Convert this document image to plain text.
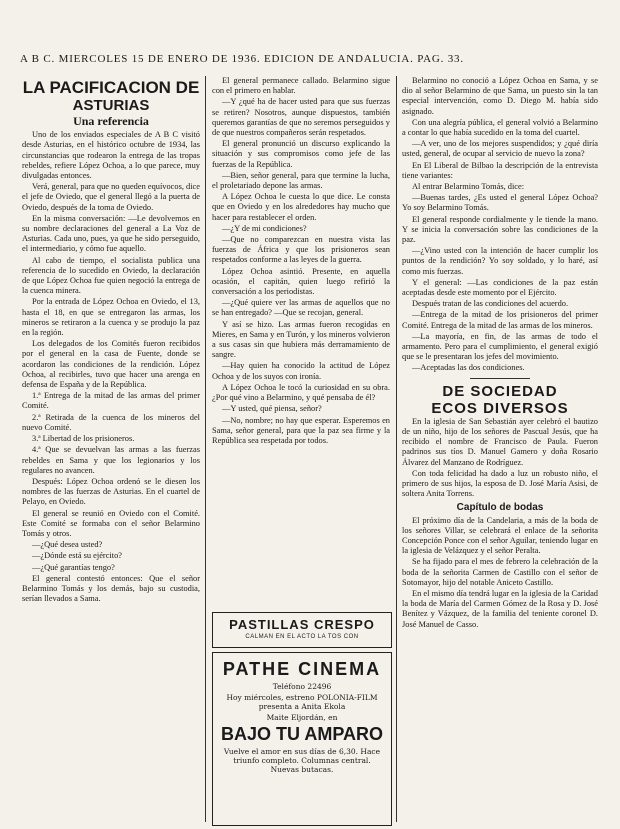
A B C. MIERCOLES 15 DE ENERO DE 1936. EDICION DE ANDALUCIA. PAG. 33.
LA PACIFICACION DE
ASTURIAS
Una referencia

Uno de los enviados especiales de A B C visitó desde Asturias, en el histórico octubre de 1934, las circunstancias que rodearon la entrega de las tropas rebeldes, refiere López Ochoa, a lo que parece, muy divulgadas entonces.

Verá, general, para que no queden equívocos, dice el jefe de Oviedo, que el general llegó a la puerta de Oviedo, después de la toma de Oviedo.

En la misma conversación: —Le devolvemos en su nombre declaraciones del general a La Voz de Asturias. Cada uno, pues, ya que he sido perseguido, el intermediario, y cómo fue aquello.

Al cabo de tiempo, el socialista publica una referencia de lo sucedido en Oviedo, la declaración de que López Ochoa fue quien negoció la entrega de la cuenca minera.

Por la entrada de López Ochoa en Oviedo, el 13, hasta el 18, en que se entregaron las armas, los mineros se retiraron a la cuenca y se produjo la paz en la región.

Los delegados de los Comités fueron recibidos por el general en la casa de Fuente, donde se acordaron las condiciones de la rendición. López Ochoa, al recibirles, tuvo que hacer una arenga en defensa de España y de la República.

1.ª Entrega de la mitad de las armas del primer Comité.

2.ª Retirada de la cuenca de los mineros del nuevo Comité.

3.ª Libertad de los prisioneros.

4.ª Que se devuelvan las armas a las fuerzas rebeldes en Sama y que los legionarios y los regulares no avancen.

Después: López Ochoa ordenó se le diesen los nombres de las fuerzas de Asturias. En el cuartel de Pelayo, en Oviedo.

El general se reunió en Oviedo con el Comité. Este Comité se formaba con el señor Belarmino Tomás y otros.

—¿Qué desea usted?

—¿Dónde está su ejército?

—¿Qué garantías tengo?

El general contestó entonces: Que el señor Belarmino Tomás y los demás, bajo su custodia, serían llevados a Sama.

El general permanece callado. Belarmino sigue con el primero en hablar.

—Y ¿qué ha de hacer usted para que sus fuerzas se retiren? Nosotros, aunque dispuestos, también queremos garantías de que no seremos perseguidos y de que nuestros compañeros serán respetados.

El general pronunció un discurso explicando la situación y sus compromisos como jefe de las fuerzas de la República.

—Bien, señor general, para que termine la lucha, el proletariado depone las armas.

A López Ochoa le cuesta lo que dice. Le consta que en Oviedo y en los alrededores hay mucho que hacer para restablecer el orden.

—¿Y de mi condiciones?

—Que no comparezcan en nuestra vista las fuerzas de África y que los prisioneros sean respetados conforme a las leyes de la guerra.

López Ochoa asintió. Presente, en aquella ocasión, el capitán, quien luego refirió la conversación a los periodistas.

—¿Qué quiere ver las armas de aquellos que no se han entregado? —Que se recojan, general.

Y así se hizo. Las armas fueron recogidas en Mieres, en Sama y en Turón, y los mineros volvieron a sus casas sin que hubiera más derramamiento de sangre.

—Hay quien ha conocido la actitud de López Ochoa y de los suyos con ironía.

A López Ochoa le tocó la curiosidad en su obra. ¿Por qué vino a Belarmino, y qué pensaba de él?

—Y usted, qué piensa, señor?

—No, nombre; no hay que esperar. Esperemos en Sama, señor general, para que la paz sea firme y la República sea respetada por todos.

PASTILLAS CRESPO
CALMAN EN EL ACTO LA TOS CON
PATHE CINEMA
Teléfono 22496
Hoy miércoles, estreno POLONIA-FILM presenta a Anita Ekola
Maite Eljordán, en
BAJO TU AMPARO
Vuelve el amor en sus días de 6,30. Hace triunfo completo. Columnas central. Nuevas butacas.

Belarmino no conoció a López Ochoa en Sama, y se dio al señor Belarmino de que Sama, un puesto sin la tan especial intervención, como D. Diego M. había sido asignado.

Con una alegría pública, el general volvió a Belarmino a contar lo que había sucedido en la toma del cuartel.

—A ver, uno de los mejores suspendidos; y ¿qué diría usted, general, de ocupar al servicio de nuevo la zona?

En El Liberal de Bilbao la descripción de la entrevista tiene variantes:

Al entrar Belarmino Tomás, dice:

—Buenas tardes, ¿Es usted el general López Ochoa? Yo soy Belarmino Tomás.

El general responde cordialmente y le tiende la mano. Y se inicia la conversación sobre las condiciones de la paz.

—¿Vino usted con la intención de hacer cumplir los puntos de la rendición? Yo soy soldado, y lo haré, así como mis fuerzas.

Y el general: —Las condiciones de la paz están aceptadas desde este momento por el Ejército.

Después tratan de las condiciones del acuerdo.

—Entrega de la mitad de los prisioneros del primer Comité. Entrega de la mitad de las armas de los mineros.

—La mayoría, en fin, de las armas de todo el armamento. Pero para el cumplimiento, el general exigió que se le presentaran los jefes del movimiento.

—Aceptadas las dos condiciones.

DE SOCIEDAD
ECOS DIVERSOS

En la iglesia de San Sebastián ayer celebró el bautizo de un niño, hijo de los señores de Pascual Jesús, que ha recibido el nombre de Francisco de Paula. Fueron padrinos sus tíos D. Manuel Gamero y doña Rosario Álvarez del Manzano de Rodríguez.

Con toda felicidad ha dado a luz un robusto niño, el primero de sus hijos, la esposa de D. José María Asisi, de soltera Anita Torrens.

Capítulo de bodas

El próximo día de la Candelaria, a más de la boda de los señores Villar, se celebrará el enlace de la señorita Concepción Ponce con el señor Aguilar, teniendo lugar en la iglesia de Velázquez y el señor Peralta.

Se ha fijado para el mes de febrero la celebración de la boda de la señorita Carmen de Castillo con el señor de Sotomayor, hijo del notable Aniceto Castillo.

En el mismo día tendrá lugar en la iglesia de la Caridad la boda de María del Carmen Gómez de la Rosa y D. José Benítez y Vázquez, de la familia del teniente coronel D. José Manuel de Casso.
